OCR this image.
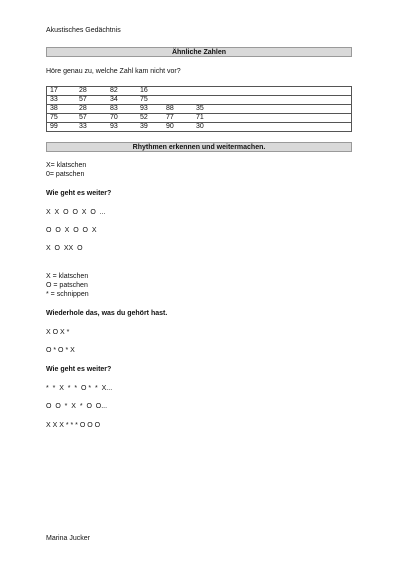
Akustisches Gedächtnis
Ähnliche Zahlen
Höre genau zu, welche Zahl kam nicht vor?
17	28	82	16

33	57	34	75

38	28	83	93	88	35

75	57	70	52	77	71

99	33	93	39	90	30
Rhythmen erkennen und weitermachen.
X= klatschen
0= patschen
Wie geht es weiter?
X  X  O  O  X  O  ...
O  O  X  O  O  X
X  O  XX  O
X = klatschen
O = patschen
* = schnippen
Wiederhole das, was du gehört hast.
X O X *
O * O * X
Wie geht es weiter?
*  *  X  *  *  O *  *  X...
O  O  *  X  *  O  O...
X X X * * * O O O
Marina Jucker
